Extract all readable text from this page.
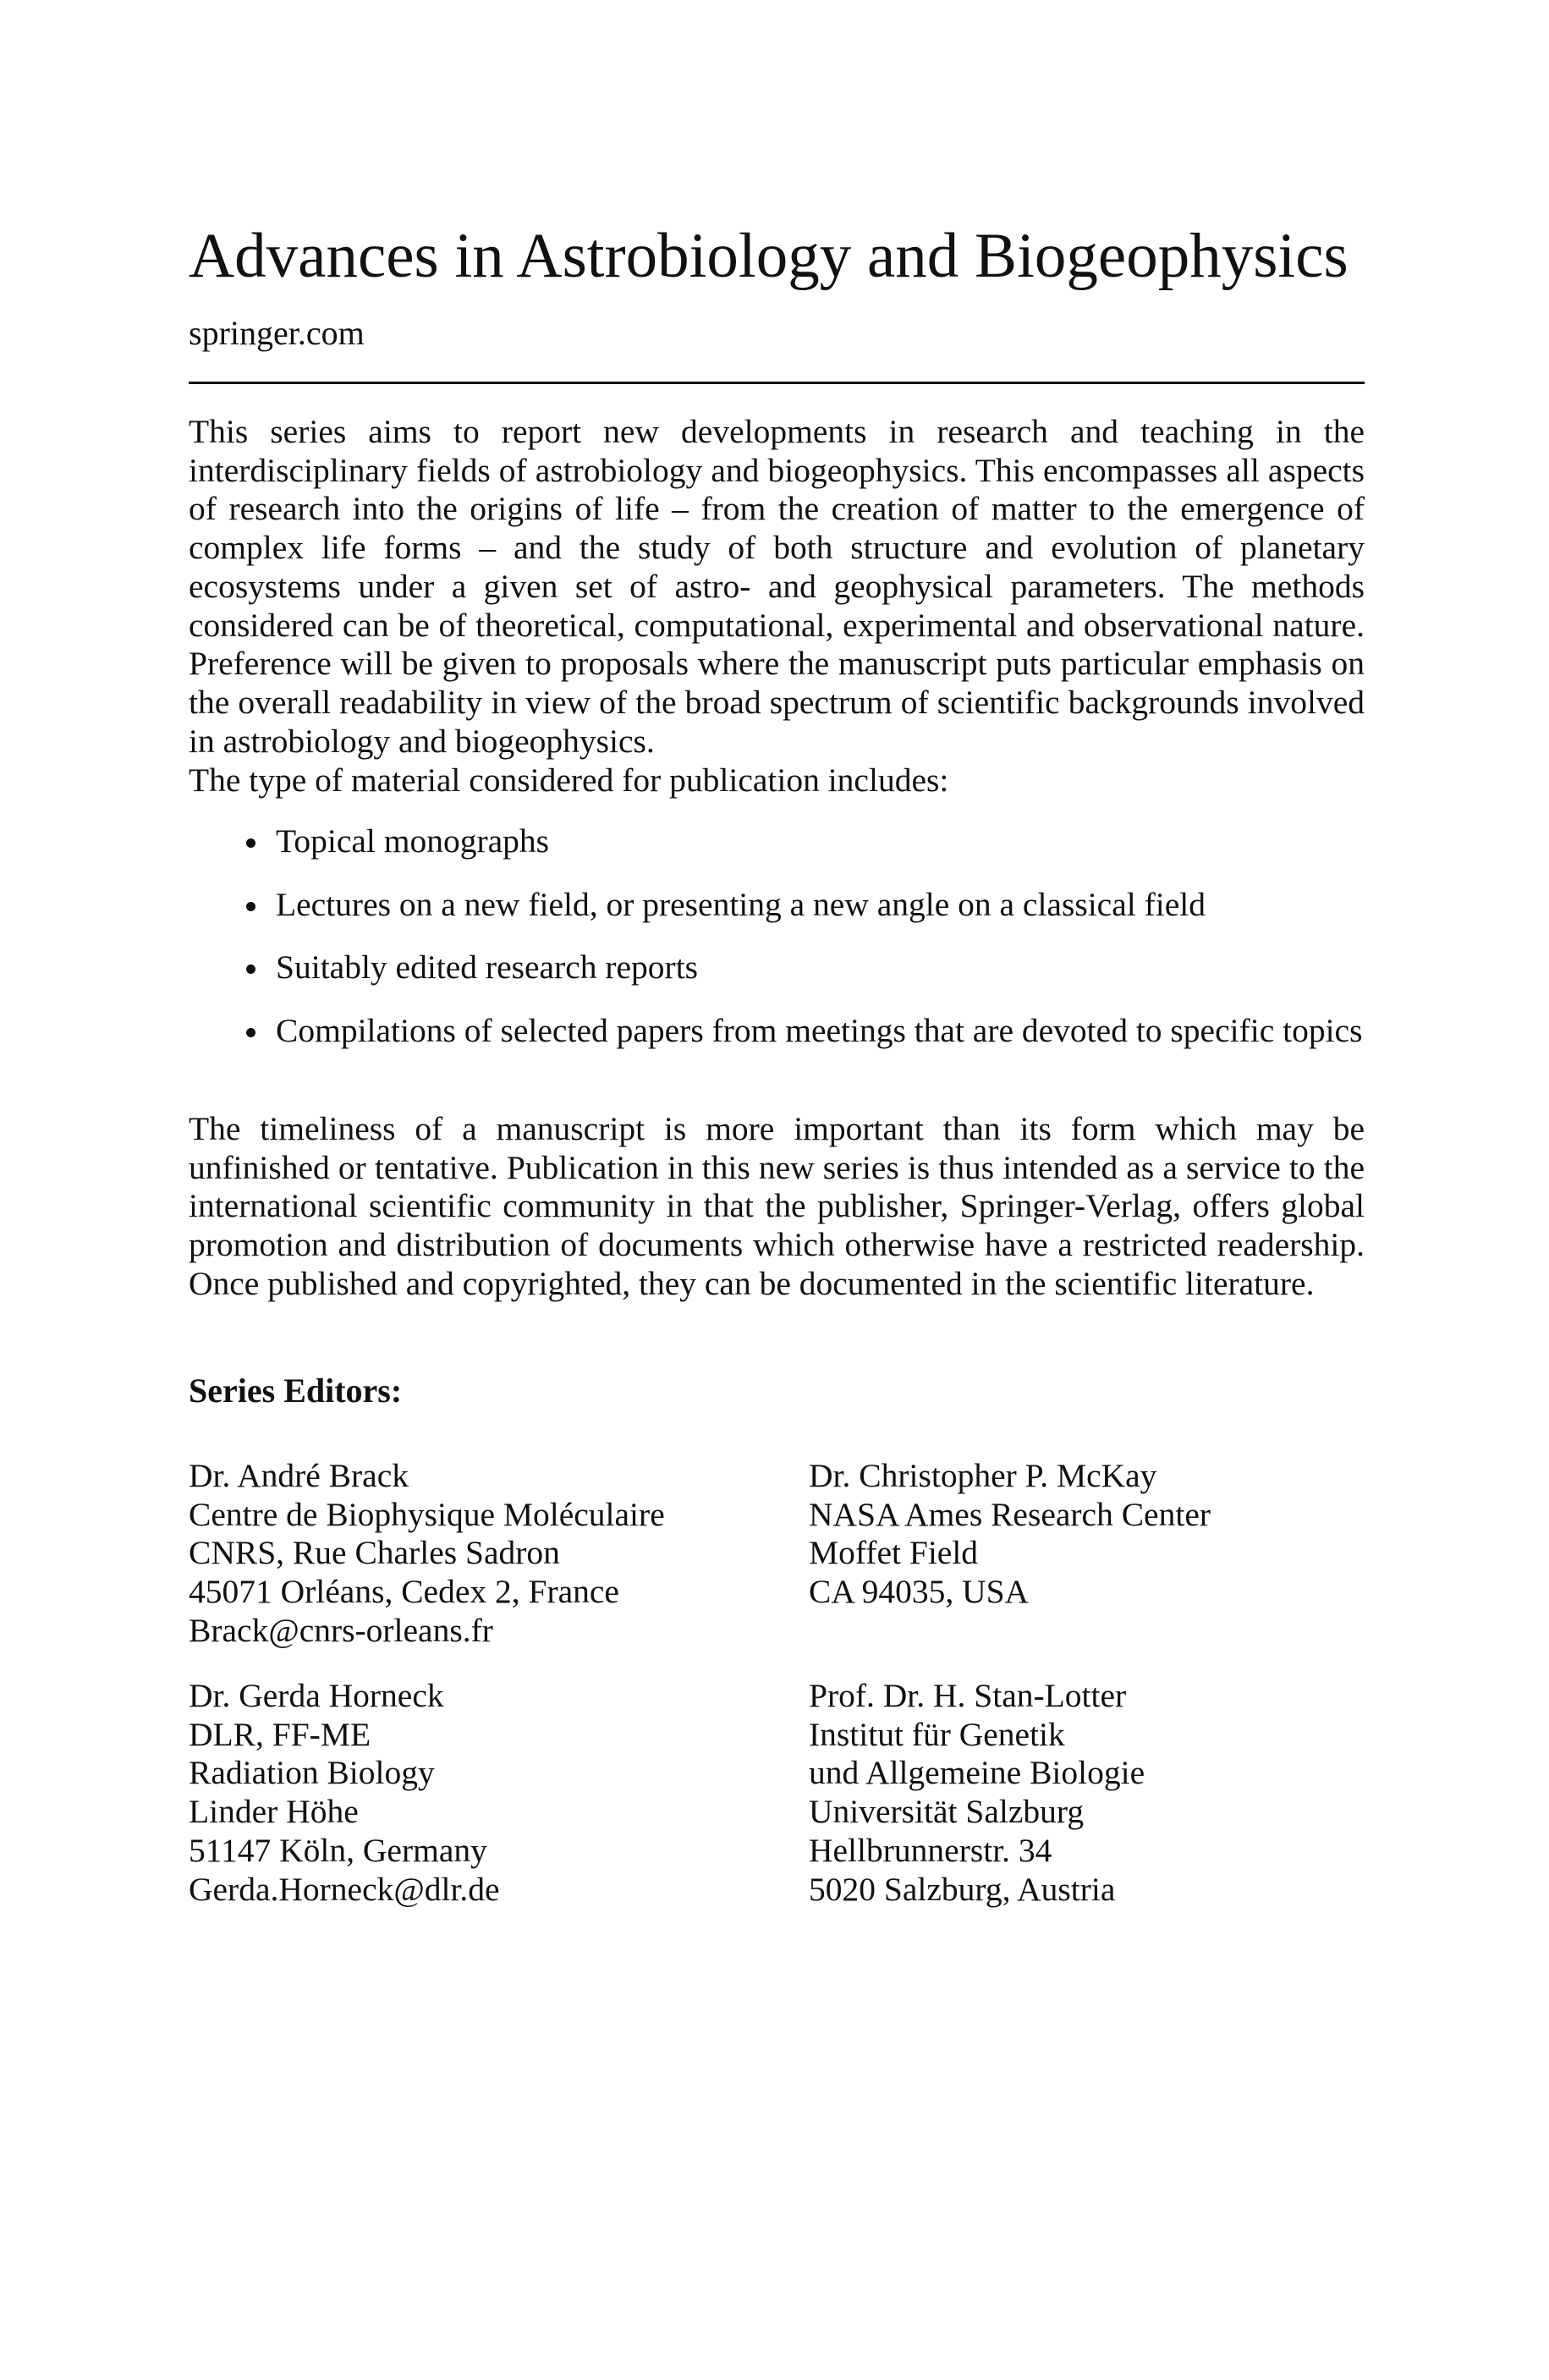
Advances in Astrobiology and Biogeophysics
springer.com

This series aims to report new developments in research and teaching in the interdisciplinary fields of astrobiology and biogeophysics. This encompasses all aspects of research into the origins of life – from the creation of matter to the emergence of complex life forms – and the study of both structure and evolution of planetary ecosystems under a given set of astro- and geophysical parameters. The methods considered can be of theoretical, computational, experimental and observational nature. Preference will be given to proposals where the manuscript puts particular emphasis on the overall readability in view of the broad spectrum of scientific backgrounds involved in astrobiology and biogeophysics.

The type of material considered for publication includes:
Topical monographs
Lectures on a new field, or presenting a new angle on a classical field
Suitably edited research reports
Compilations of selected papers from meetings that are devoted to specific topics

The timeliness of a manuscript is more important than its form which may be unfinished or tentative. Publication in this new series is thus intended as a service to the international scientific community in that the publisher, Springer-Verlag, offers global promotion and distribution of documents which otherwise have a restricted readership. Once published and copyrighted, they can be documented in the scientific literature.

Series Editors:
Dr. André Brack
Centre de Biophysique Moléculaire
CNRS, Rue Charles Sadron
45071 Orléans, Cedex 2, France
Brack@cnrs-orleans.fr
Dr. Christopher P. McKay
NASA Ames Research Center
Moffet Field
CA 94035, USA
Dr. Gerda Horneck
DLR, FF-ME
Radiation Biology
Linder Höhe
51147 Köln, Germany
Gerda.Horneck@dlr.de
Prof. Dr. H. Stan-Lotter
Institut für Genetik
und Allgemeine Biologie
Universität Salzburg
Hellbrunnerstr. 34
5020 Salzburg, Austria
